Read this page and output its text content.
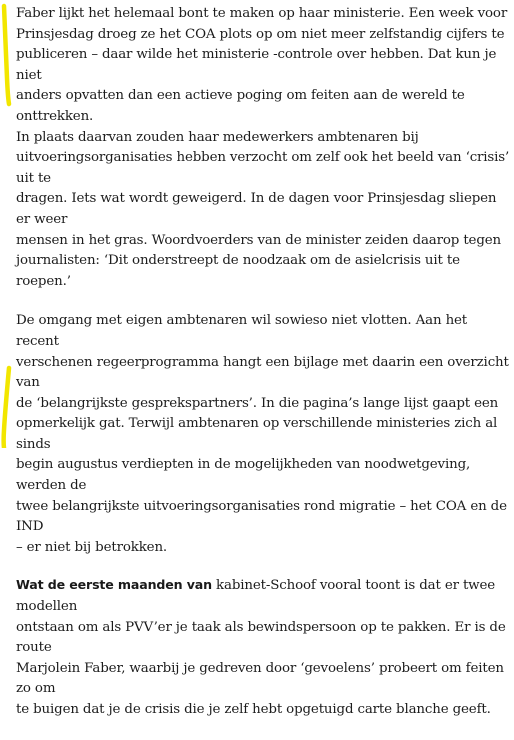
Faber lijkt het helemaal bont te maken op haar ministerie. Een week voor
Prinsjesdag droeg ze het COA plots op om niet meer zelfstandig cijfers te
publiceren – daar wilde het ministerie -controle over hebben. Dat kun je niet
anders opvatten dan een actieve poging om feiten aan de wereld te onttrekken.
In plaats daarvan zouden haar medewerkers ambtenaren bij
uitvoeringsorganisaties hebben verzocht om zelf ook het beeld van ‘crisis’ uit te
dragen. Iets wat wordt geweigerd. In de dagen voor Prinsjesdag sliepen er weer
mensen in het gras. Woordvoerders van de minister zeiden daarop tegen
journalisten: ‘Dit onderstreept de noodzaak om de asielcrisis uit te roepen.’
De omgang met eigen ambtenaren wil sowieso niet vlotten. Aan het recent
verschenen regeerprogramma hangt een bijlage met daarin een overzicht van
de ‘belangrijkste gesprekspartners’. In die pagina’s lange lijst gaapt een
opmerkelijk gat. Terwijl ambtenaren op verschillende ministeries zich al sinds
begin augustus verdiepten in de mogelijkheden van noodwetgeving, werden de
twee belangrijkste uitvoeringsorganisaties rond migratie – het COA en de IND
– er niet bij betrokken.
Wat de eerste maanden van kabinet-Schoof vooral toont is dat er twee modellen
ontstaan om als PVV’er je taak als bewindspersoon op te pakken. Er is de route
Marjolein Faber, waarbij je gedreven door ‘gevoelens’ probeert om feiten zo om
te buigen dat je de crisis die je zelf hebt opgetuigd carte blanche geeft.
